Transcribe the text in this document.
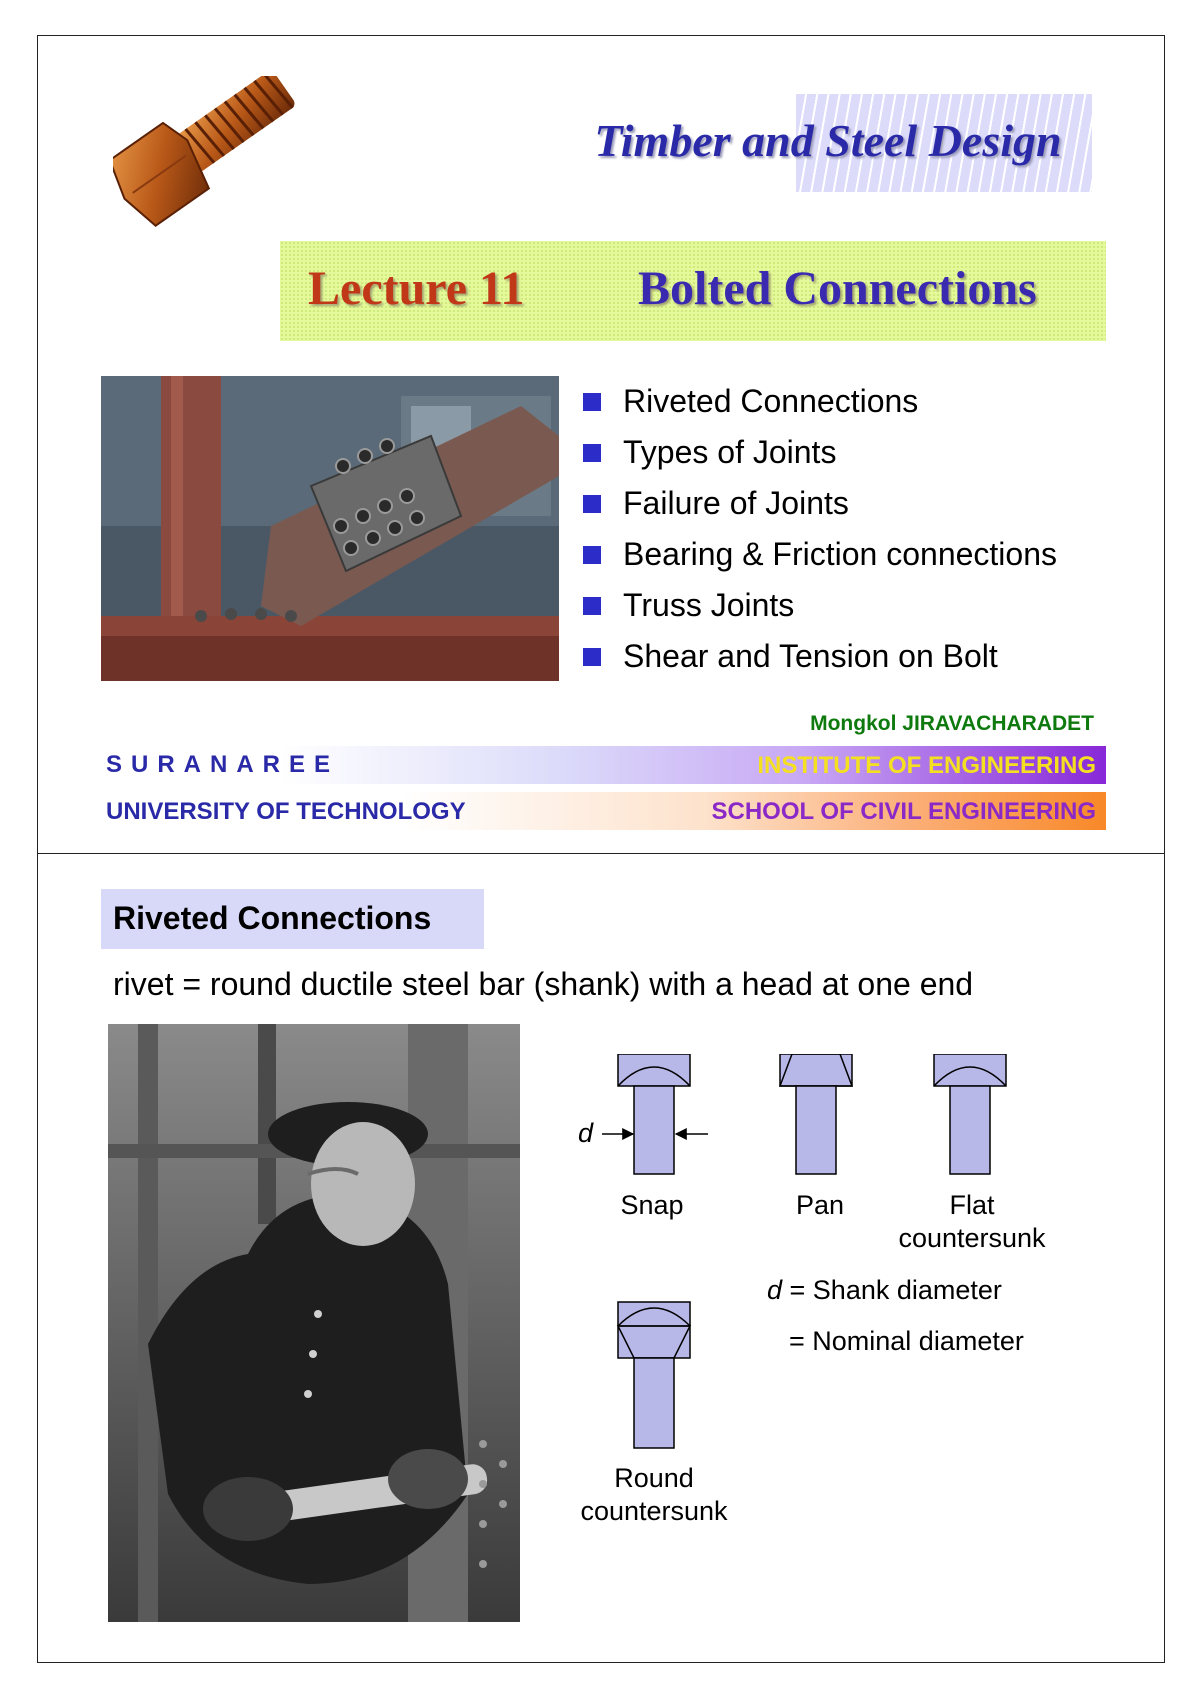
Timber and Steel Design
Lecture 11 Bolted Connections
Riveted Connections
Types of Joints
Failure of Joints
Bearing & Friction connections
Truss Joints
Shear and Tension on Bolt
Mongkol JIRAVACHARADET
SURANAREE	INSTITUTE OF ENGINEERING
UNIVERSITY OF TECHNOLOGY	SCHOOL OF CIVIL ENGINEERING
Riveted Connections
rivet = round ductile steel bar (shank) with a head at one end
d
Snap	Pan	Flat
countersunk
Round
countersunk
d = Shank diameter
= Nominal diameter
